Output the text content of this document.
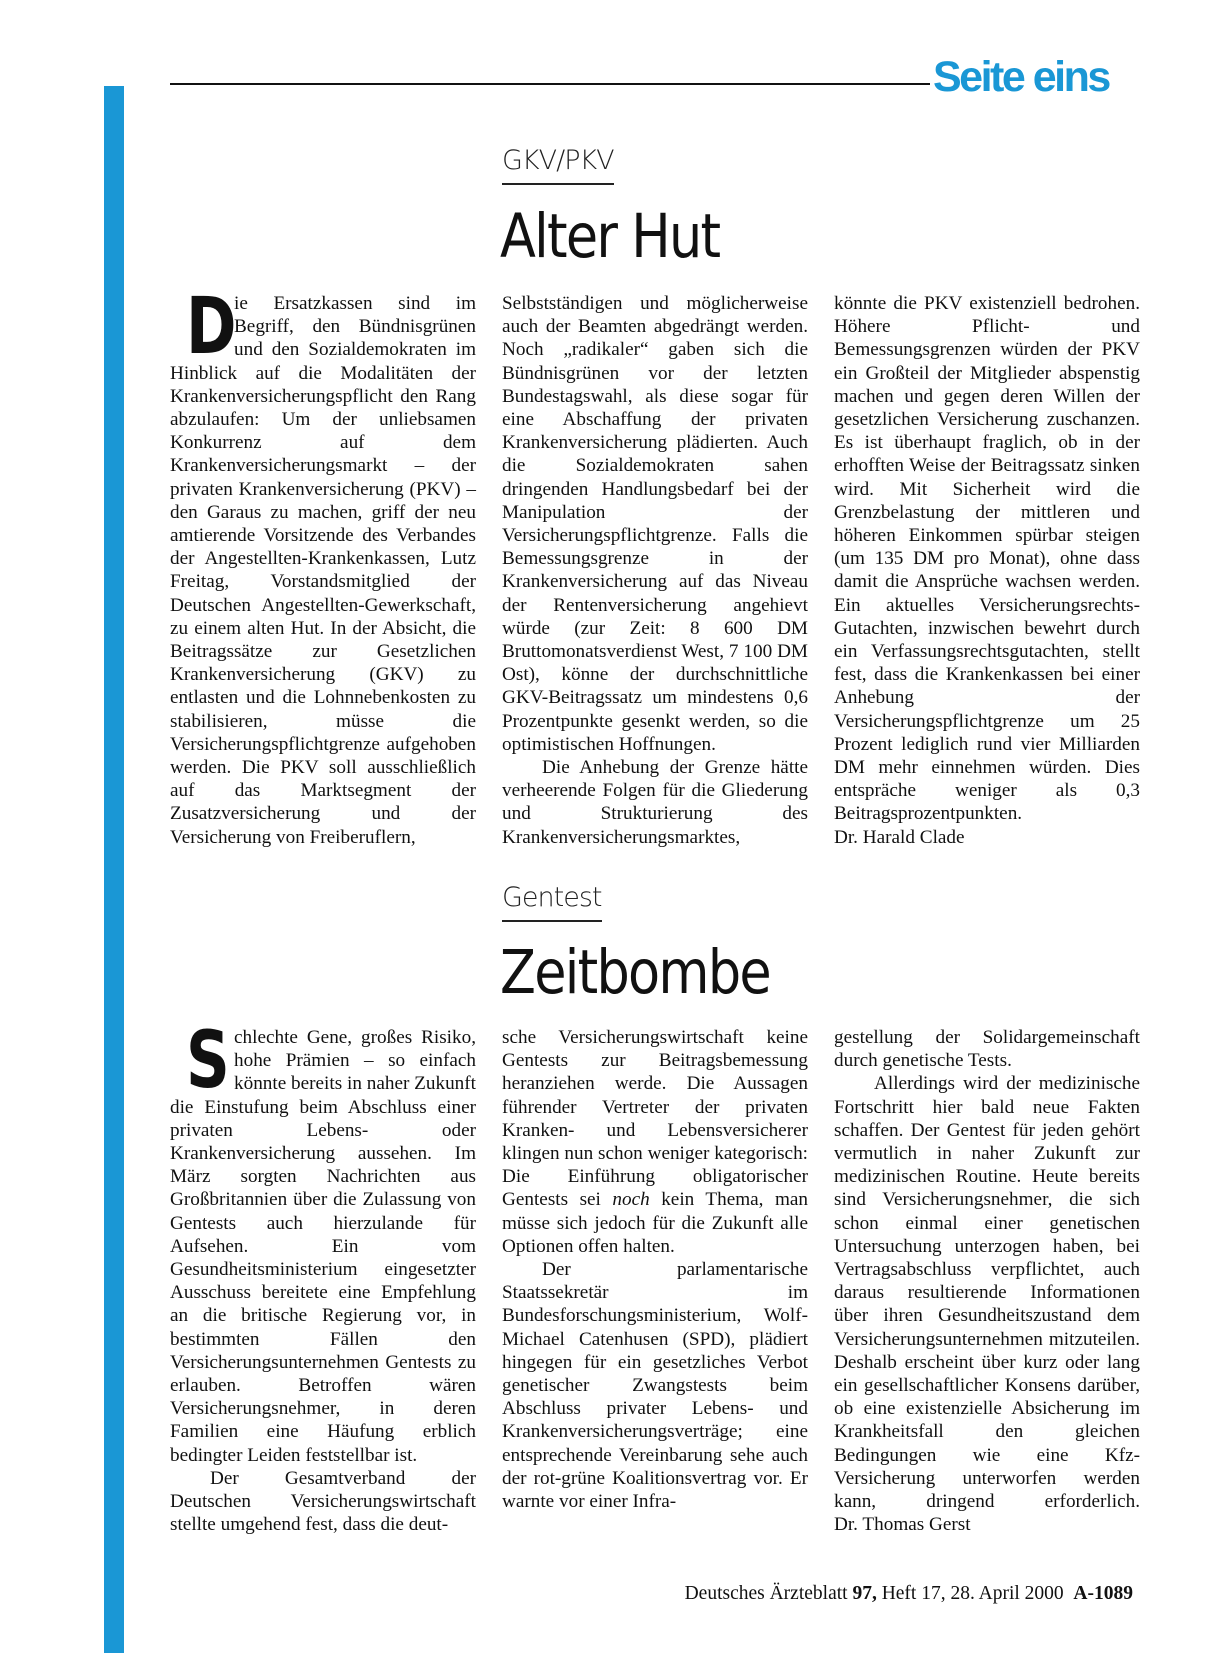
Seite eins
GKV/PKV
Alter Hut

D
ie Ersatzkassen sind im Begriff, den Bündnisgrünen und den Sozialdemokraten im Hinblick auf die Modalitäten der Krankenversicherungspflicht den Rang abzulaufen: Um der unliebsamen Konkurrenz auf dem Krankenversicherungsmarkt – der privaten Krankenversicherung (PKV) – den Garaus zu machen, griff der neu amtierende Vorsitzende des Verbandes der Angestellten-Krankenkassen, Lutz Freitag, Vorstandsmitglied der Deutschen Angestellten-Gewerkschaft, zu einem alten Hut. In der Absicht, die Beitragssätze zur Gesetzlichen Krankenversicherung (GKV) zu entlasten und die Lohnnebenkosten zu stabilisieren, müsse die Versicherungspflichtgrenze aufgehoben werden. Die PKV soll ausschließlich auf das Marktsegment der Zusatzversicherung und der Versicherung von Freiberuflern,

Selbstständigen und möglicherweise auch der Beamten abgedrängt werden. Noch „radikaler“ gaben sich die Bündnisgrünen vor der letzten Bundestagswahl, als diese sogar für eine Abschaffung der privaten Krankenversicherung plädierten. Auch die Sozialdemokraten sahen dringenden Handlungsbedarf bei der Manipulation der Versicherungspflichtgrenze. Falls die Bemessungsgrenze in der Krankenversicherung auf das Niveau der Rentenversicherung angehievt würde (zur Zeit: 8 600 DM Bruttomonatsverdienst West, 7 100 DM Ost), könne der durchschnittliche GKV-Beitragssatz um mindestens 0,6 Prozentpunkte gesenkt werden, so die optimistischen Hoffnungen.

Die Anhebung der Grenze hätte verheerende Folgen für die Gliederung und Strukturierung des Krankenversicherungsmarktes,

könnte die PKV existenziell bedrohen. Höhere Pflicht- und Bemessungsgrenzen würden der PKV ein Großteil der Mitglieder abspenstig machen und gegen deren Willen der gesetzlichen Versicherung zuschanzen. Es ist überhaupt fraglich, ob in der erhofften Weise der Beitragssatz sinken wird. Mit Sicherheit wird die Grenzbelastung der mittleren und höheren Einkommen spürbar steigen (um 135 DM pro Monat), ohne dass damit die Ansprüche wachsen werden. Ein aktuelles Versicherungsrechts-Gutachten, inzwischen bewehrt durch ein Verfassungsrechtsgutachten, stellt fest, dass die Krankenkassen bei einer Anhebung der Versicherungspflichtgrenze um 25 Prozent lediglich rund vier Milliarden DM mehr einnehmen würden. Dies entspräche weniger als 0,3 Beitragsprozentpunkten. Dr. Harald Clade

Gentest
Zeitbombe

Schlechte Gene, großes Risiko, hohe Prämien – so einfach könnte bereits in naher Zukunft die Einstufung beim Abschluss einer privaten Lebens- oder Krankenversicherung aussehen. Im März sorgten Nachrichten aus Großbritannien über die Zulassung von Gentests auch hierzulande für Aufsehen. Ein vom Gesundheitsministerium eingesetzter Ausschuss bereitete eine Empfehlung an die britische Regierung vor, in bestimmten Fällen den Versicherungsunternehmen Gentests zu erlauben. Betroffen wären Versicherungsnehmer, in deren Familien eine Häufung erblich bedingter Leiden feststellbar ist.

Der Gesamtverband der Deutschen Versicherungswirtschaft stellte umgehend fest, dass die deut-

sche Versicherungswirtschaft keine Gentests zur Beitragsbemessung heranziehen werde. Die Aussagen führender Vertreter der privaten Kranken- und Lebensversicherer klingen nun schon weniger kategorisch: Die Einführung obligatorischer Gentests sei noch kein Thema, man müsse sich jedoch für die Zukunft alle Optionen offen halten.

Der parlamentarische Staatssekretär im Bundesforschungsministerium, Wolf-Michael Catenhusen (SPD), plädiert hingegen für ein gesetzliches Verbot genetischer Zwangstests beim Abschluss privater Lebens- und Krankenversicherungsverträge; eine entsprechende Vereinbarung sehe auch der rot-grüne Koalitionsvertrag vor. Er warnte vor einer Infra-

gestellung der Solidargemeinschaft durch genetische Tests.

Allerdings wird der medizinische Fortschritt hier bald neue Fakten schaffen. Der Gentest für jeden gehört vermutlich in naher Zukunft zur medizinischen Routine. Heute bereits sind Versicherungsnehmer, die sich schon einmal einer genetischen Untersuchung unterzogen haben, bei Vertragsabschluss verpflichtet, auch daraus resultierende Informationen über ihren Gesundheitszustand dem Versicherungsunternehmen mitzuteilen. Deshalb erscheint über kurz oder lang ein gesellschaftlicher Konsens darüber, ob eine existenzielle Absicherung im Krankheitsfall den gleichen Bedingungen wie eine Kfz-Versicherung unterworfen werden kann, dringend erforderlich. Dr. Thomas Gerst

Deutsches Ärzteblatt 97, Heft 17, 28. April 2000 A-1089
